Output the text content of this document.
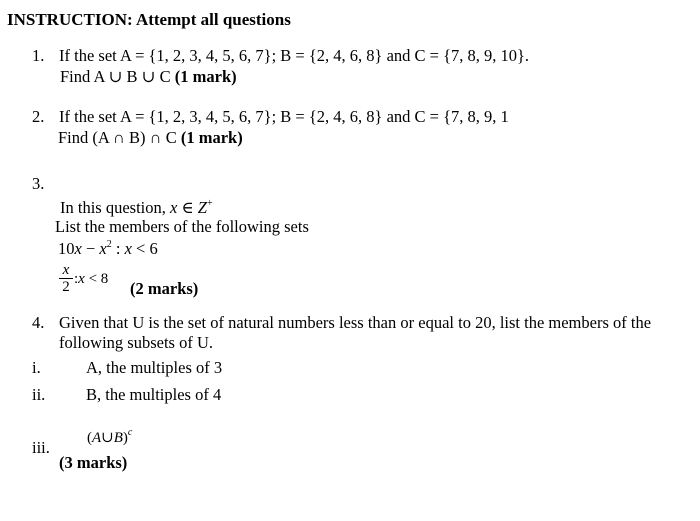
INSTRUCTION: Attempt all questions
1. If the set A = {1, 2, 3, 4, 5, 6, 7}; B = {2, 4, 6, 8} and C = {7, 8, 9, 10}.
Find A ∪ B ∪ C (1 mark)
2. If the set A = {1, 2, 3, 4, 5, 6, 7}; B = {2, 4, 6, 8} and C = {7, 8, 9, 1
Find (A ∩ B) ∩ C (1 mark)
3.
In this question, x ∈ Z+
List the members of the following sets
$10x - x^2$ : x < 6
x
2 :x < 8 (2 marks)
4. Given that U is the set of natural numbers less than or equal to 20, list the members of the
following subsets of U.
i.	A, the multiples of 3
ii. B, the multiples of 4
iii. (A∪B)$^c$
(3 marks)
